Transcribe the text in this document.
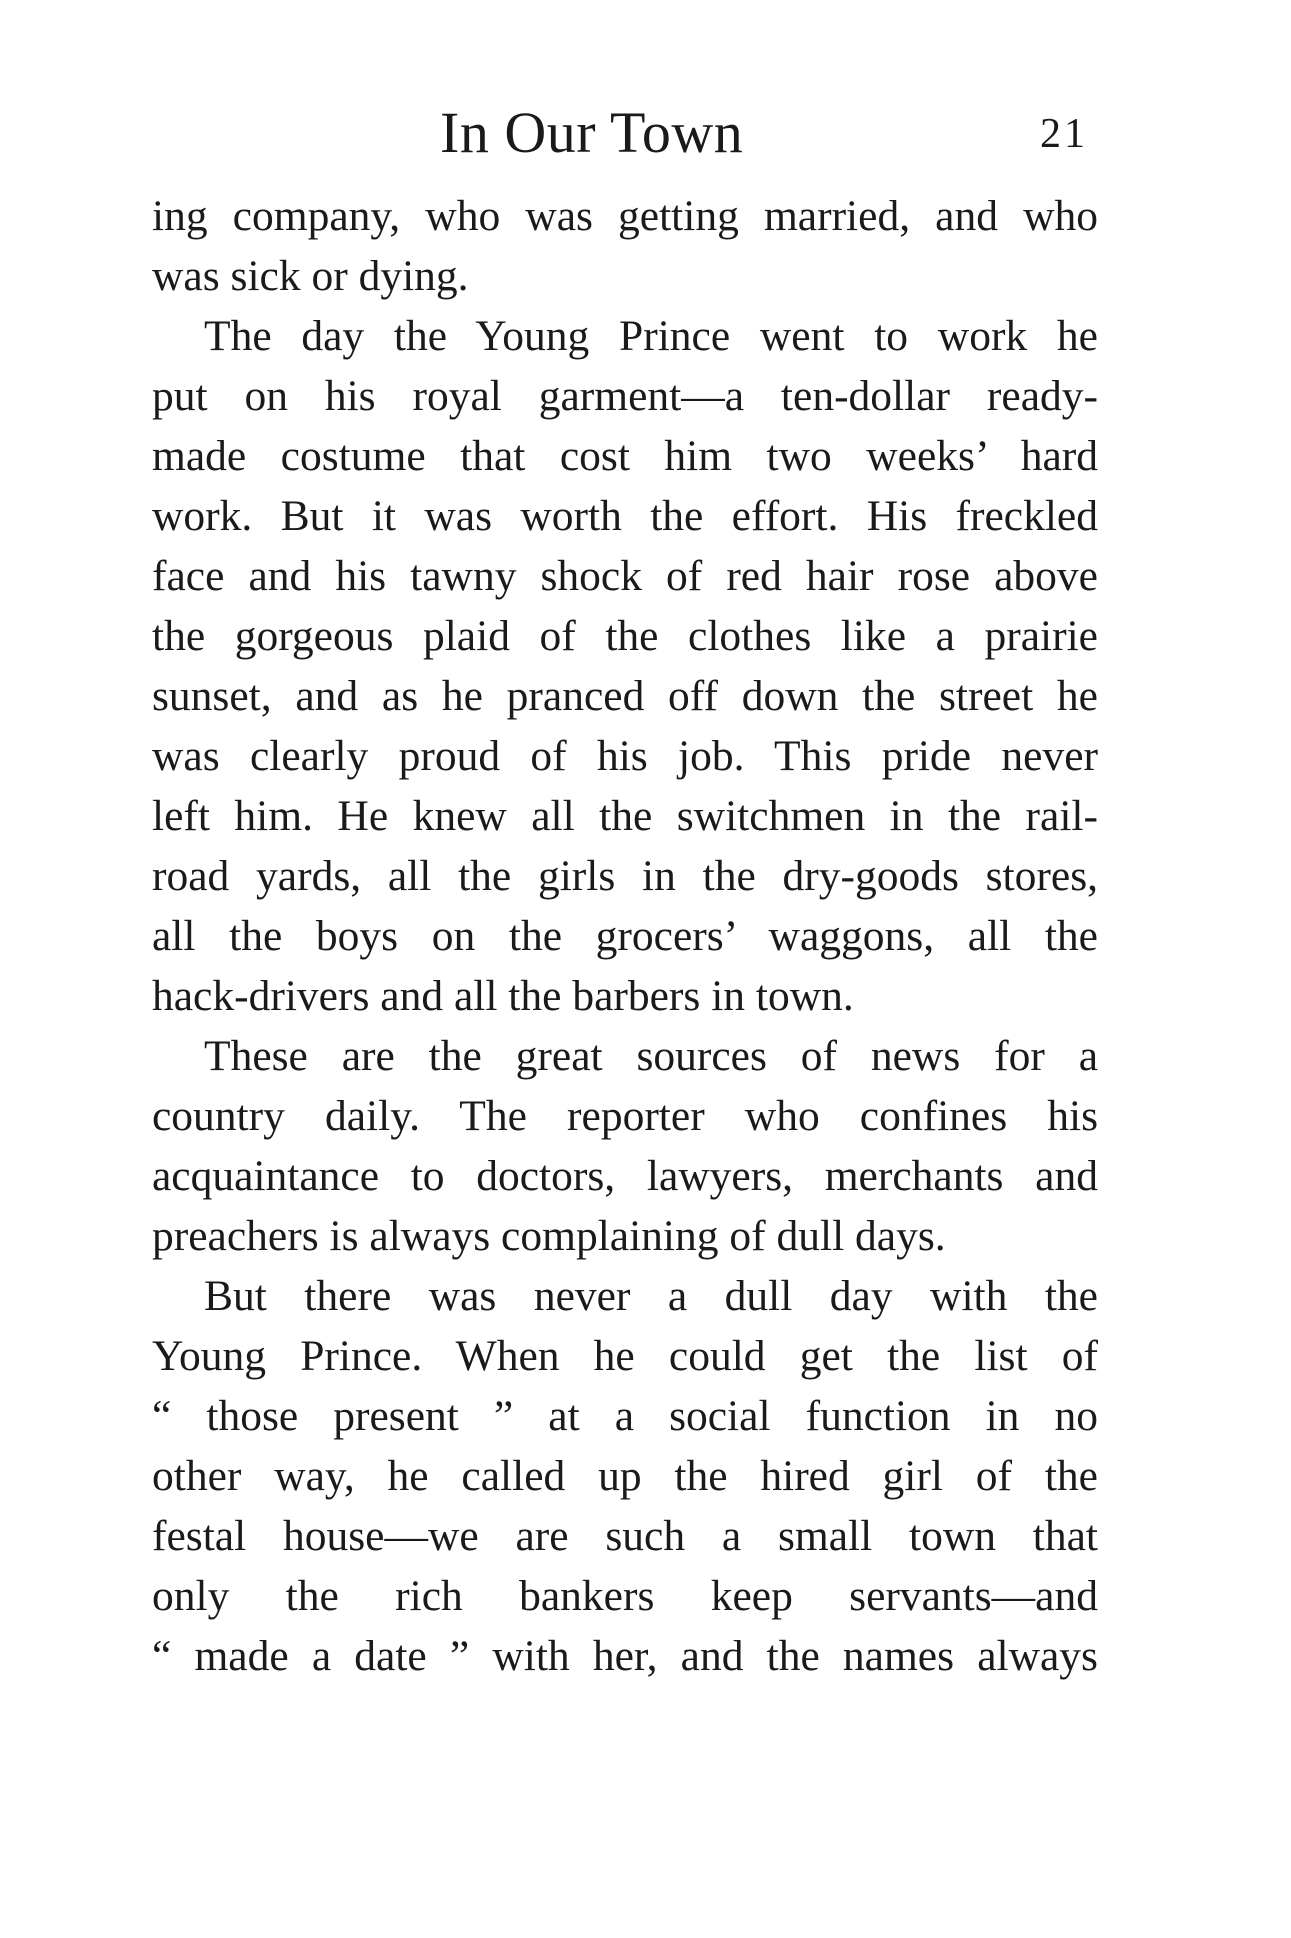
In Our Town	21
ing company, who was getting married, and who
was sick or dying.
The day the Young Prince went to work he
put on his royal garment—a ten-dollar ready-
made costume that cost him two weeks’ hard
work. But it was worth the effort. His freckled
face and his tawny shock of red hair rose above
the gorgeous plaid of the clothes like a prairie
sunset, and as he pranced off down the street he
was clearly proud of his job. This pride never
left him. He knew all the switchmen in the rail-
road yards, all the girls in the dry-goods stores,
all the boys on the grocers’ waggons, all the
hack-drivers and all the barbers in town.
These are the great sources of news for a
country daily. The reporter who confines his
acquaintance to doctors, lawyers, merchants and
preachers is always complaining of dull days.
But there was never a dull day with the
Young Prince. When he could get the list of
“ those present ” at a social function in no
other way, he called up the hired girl of the
festal house—we are such a small town that
only the rich bankers keep servants—and
“ made a date ” with her, and the names always
